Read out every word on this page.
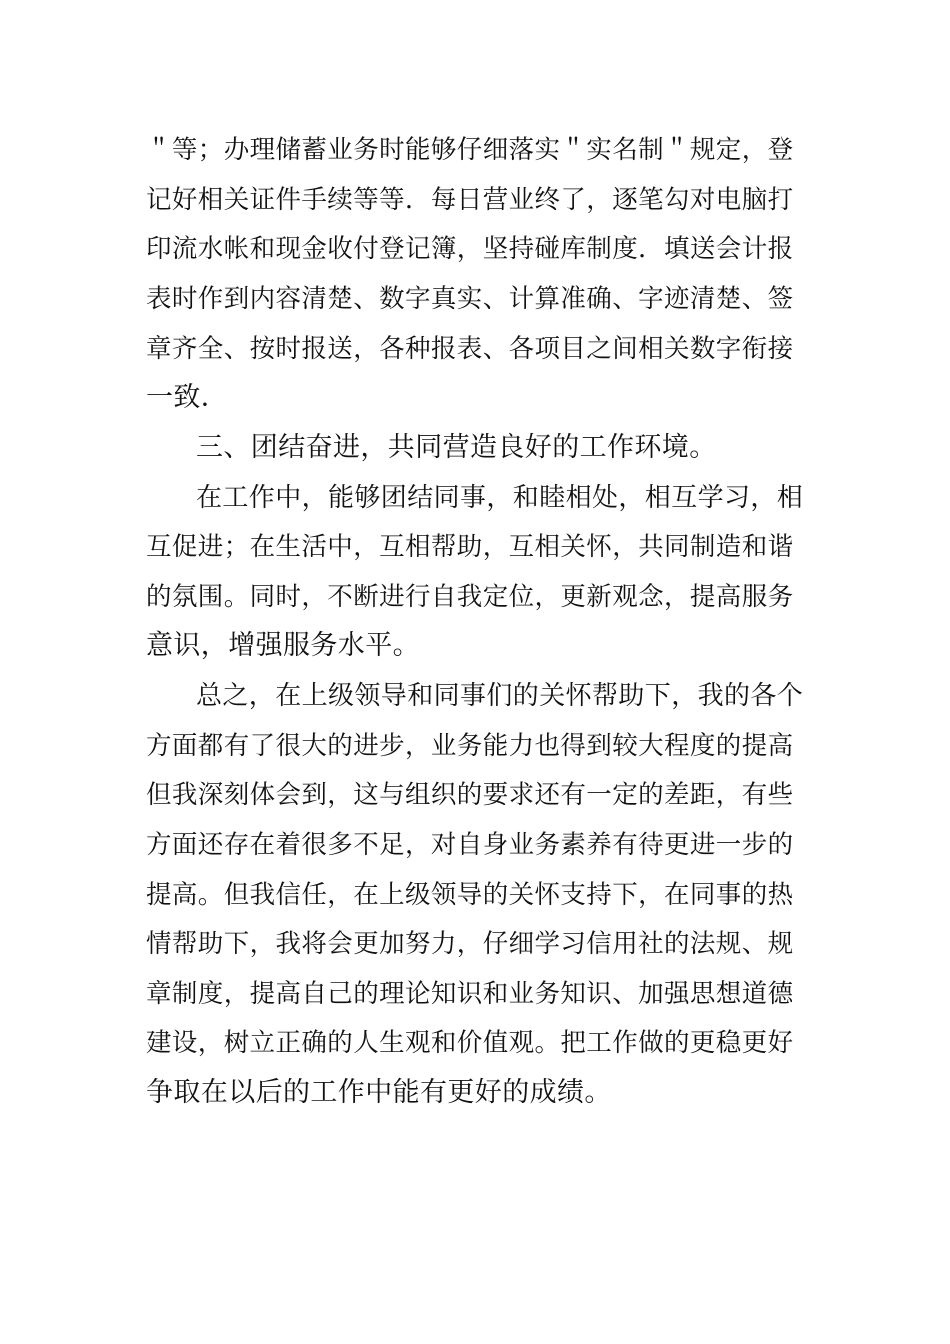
＂等；办理储蓄业务时能够仔细落实＂实名制＂规定，登
记好相关证件手续等等．每日营业终了，逐笔勾对电脑打
印流水帐和现金收付登记簿，坚持碰库制度．填送会计报
表时作到内容清楚、数字真实、计算准确、字迹清楚、签
章齐全、按时报送，各种报表、各项目之间相关数字衔接
一致．
三、团结奋进，共同营造良好的工作环境。
在工作中，能够团结同事，和睦相处，相互学习，相
互促进；在生活中，互相帮助，互相关怀，共同制造和谐
的氛围。同时，不断进行自我定位，更新观念，提高服务
意识，增强服务水平。
总之，在上级领导和同事们的关怀帮助下，我的各个
方面都有了很大的进步，业务能力也得到较大程度的提高
但我深刻体会到，这与组织的要求还有一定的差距，有些
方面还存在着很多不足，对自身业务素养有待更进一步的
提高。但我信任，在上级领导的关怀支持下，在同事的热
情帮助下，我将会更加努力，仔细学习信用社的法规、规
章制度，提高自己的理论知识和业务知识、加强思想道德
建设，树立正确的人生观和价值观。把工作做的更稳更好
争取在以后的工作中能有更好的成绩。
